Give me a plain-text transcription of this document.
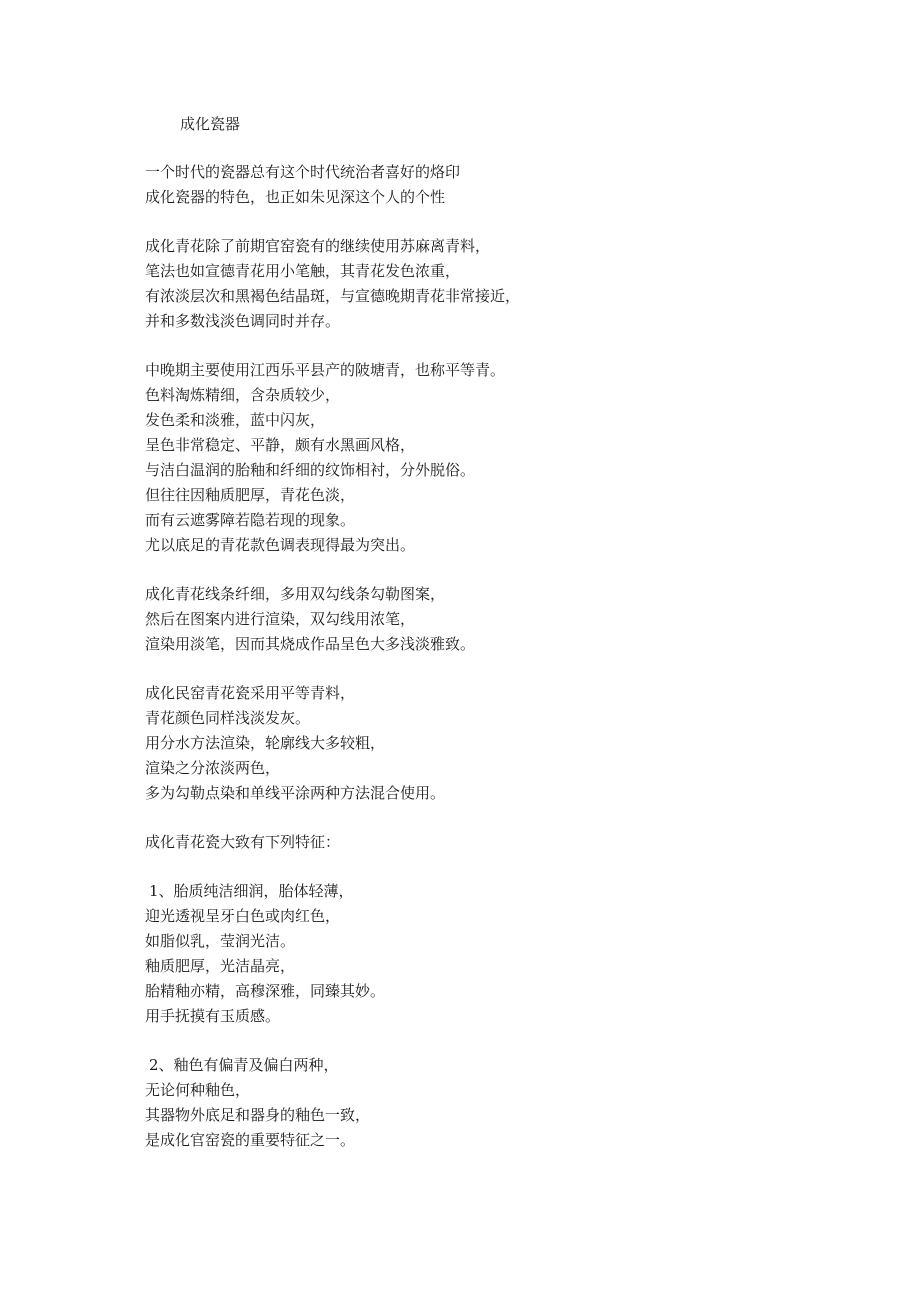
成化瓷器
一个时代的瓷器总有这个时代统治者喜好的烙印
成化瓷器的特色，也正如朱见深这个人的个性
成化青花除了前期官窑瓷有的继续使用苏麻离青料，
笔法也如宣德青花用小笔触，其青花发色浓重，
有浓淡层次和黑褐色结晶斑，与宣德晚期青花非常接近，
并和多数浅淡色调同时并存。
中晚期主要使用江西乐平县产的陂塘青，也称平等青。
色料淘炼精细，含杂质较少，
发色柔和淡雅，蓝中闪灰，
呈色非常稳定、平静，颇有水黑画风格，
与洁白温润的胎釉和纤细的纹饰相衬，分外脱俗。
但往往因釉质肥厚，青花色淡，
而有云遮雾障若隐若现的现象。
尤以底足的青花款色调表现得最为突出。
成化青花线条纤细，多用双勾线条勾勒图案，
然后在图案内进行渲染，双勾线用浓笔，
渲染用淡笔，因而其烧成作品呈色大多浅淡雅致。
成化民窑青花瓷采用平等青料，
青花颜色同样浅淡发灰。
用分水方法渲染，轮廓线大多较粗，
渲染之分浓淡两色，
多为勾勒点染和单线平涂两种方法混合使用。
成化青花瓷大致有下列特征：
1、胎质纯洁细润，胎体轻薄，
迎光透视呈牙白色或肉红色，
如脂似乳，莹润光洁。
釉质肥厚，光洁晶亮，
胎精釉亦精，高穆深雅，同臻其妙。
用手抚摸有玉质感。
2、釉色有偏青及偏白两种，
无论何种釉色，
其器物外底足和器身的釉色一致，
是成化官窑瓷的重要特征之一。
